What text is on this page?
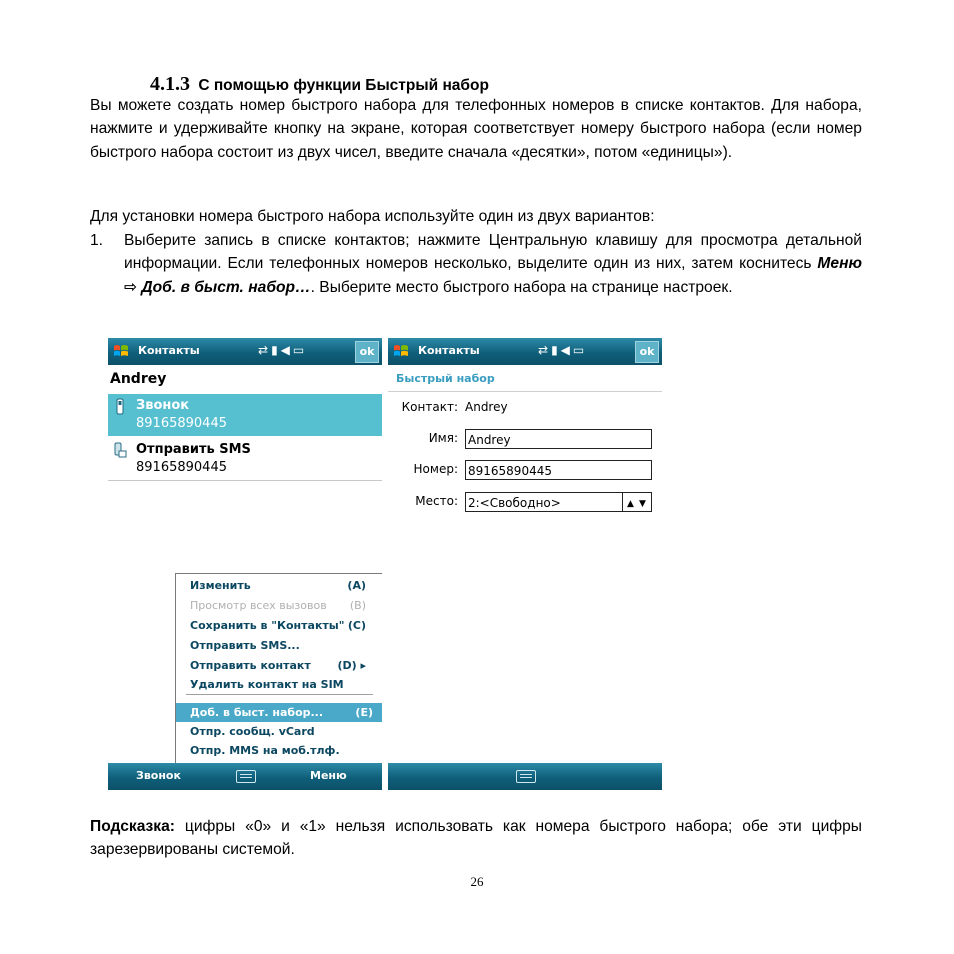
4.1.3 С помощью функции Быстрый набор
Вы можете создать номер быстрого набора для телефонных номеров в списке контактов. Для набора, нажмите и удерживайте кнопку на экране, которая соответствует номеру быстрого набора (если номер быстрого набора состоит из двух чисел, введите сначала «десятки», потом «единицы»).
Для установки номера быстрого набора используйте один из двух вариантов:
1. Выберите запись в списке контактов; нажмите Центральную клавишу для просмотра детальной информации. Если телефонных номеров несколько, выделите один из них, затем коснитесь Меню ⇨ Доб. в быст. набор…. Выберите место быстрого набора на странице настроек.
Контакты	⇄▮◀▭	ok
Andrey
Звонок
89165890445
Отправить SMS
89165890445
Изменить	(A)
Просмотр всех вызовов (B)
Сохранить в "Контакты" (C)
Отправить SMS...
Отправить контакт (D) ▸
Удалить контакт на SIM
Доб. в быст. набор...	(E)
Отпр. сообщ. vCard
Отпр. MMS на моб.тлф.
Звонок	Меню
Контакты	⇄▮◀▭	ok
Быстрый набор
Контакт: Andrey
Имя: Andrey
Номер: 89165890445
Место: 2:<Свободно>	▲ ▼
Подсказка: цифры «0» и «1» нельзя использовать как номера быстрого набора; обе эти цифры зарезервированы системой.
26
